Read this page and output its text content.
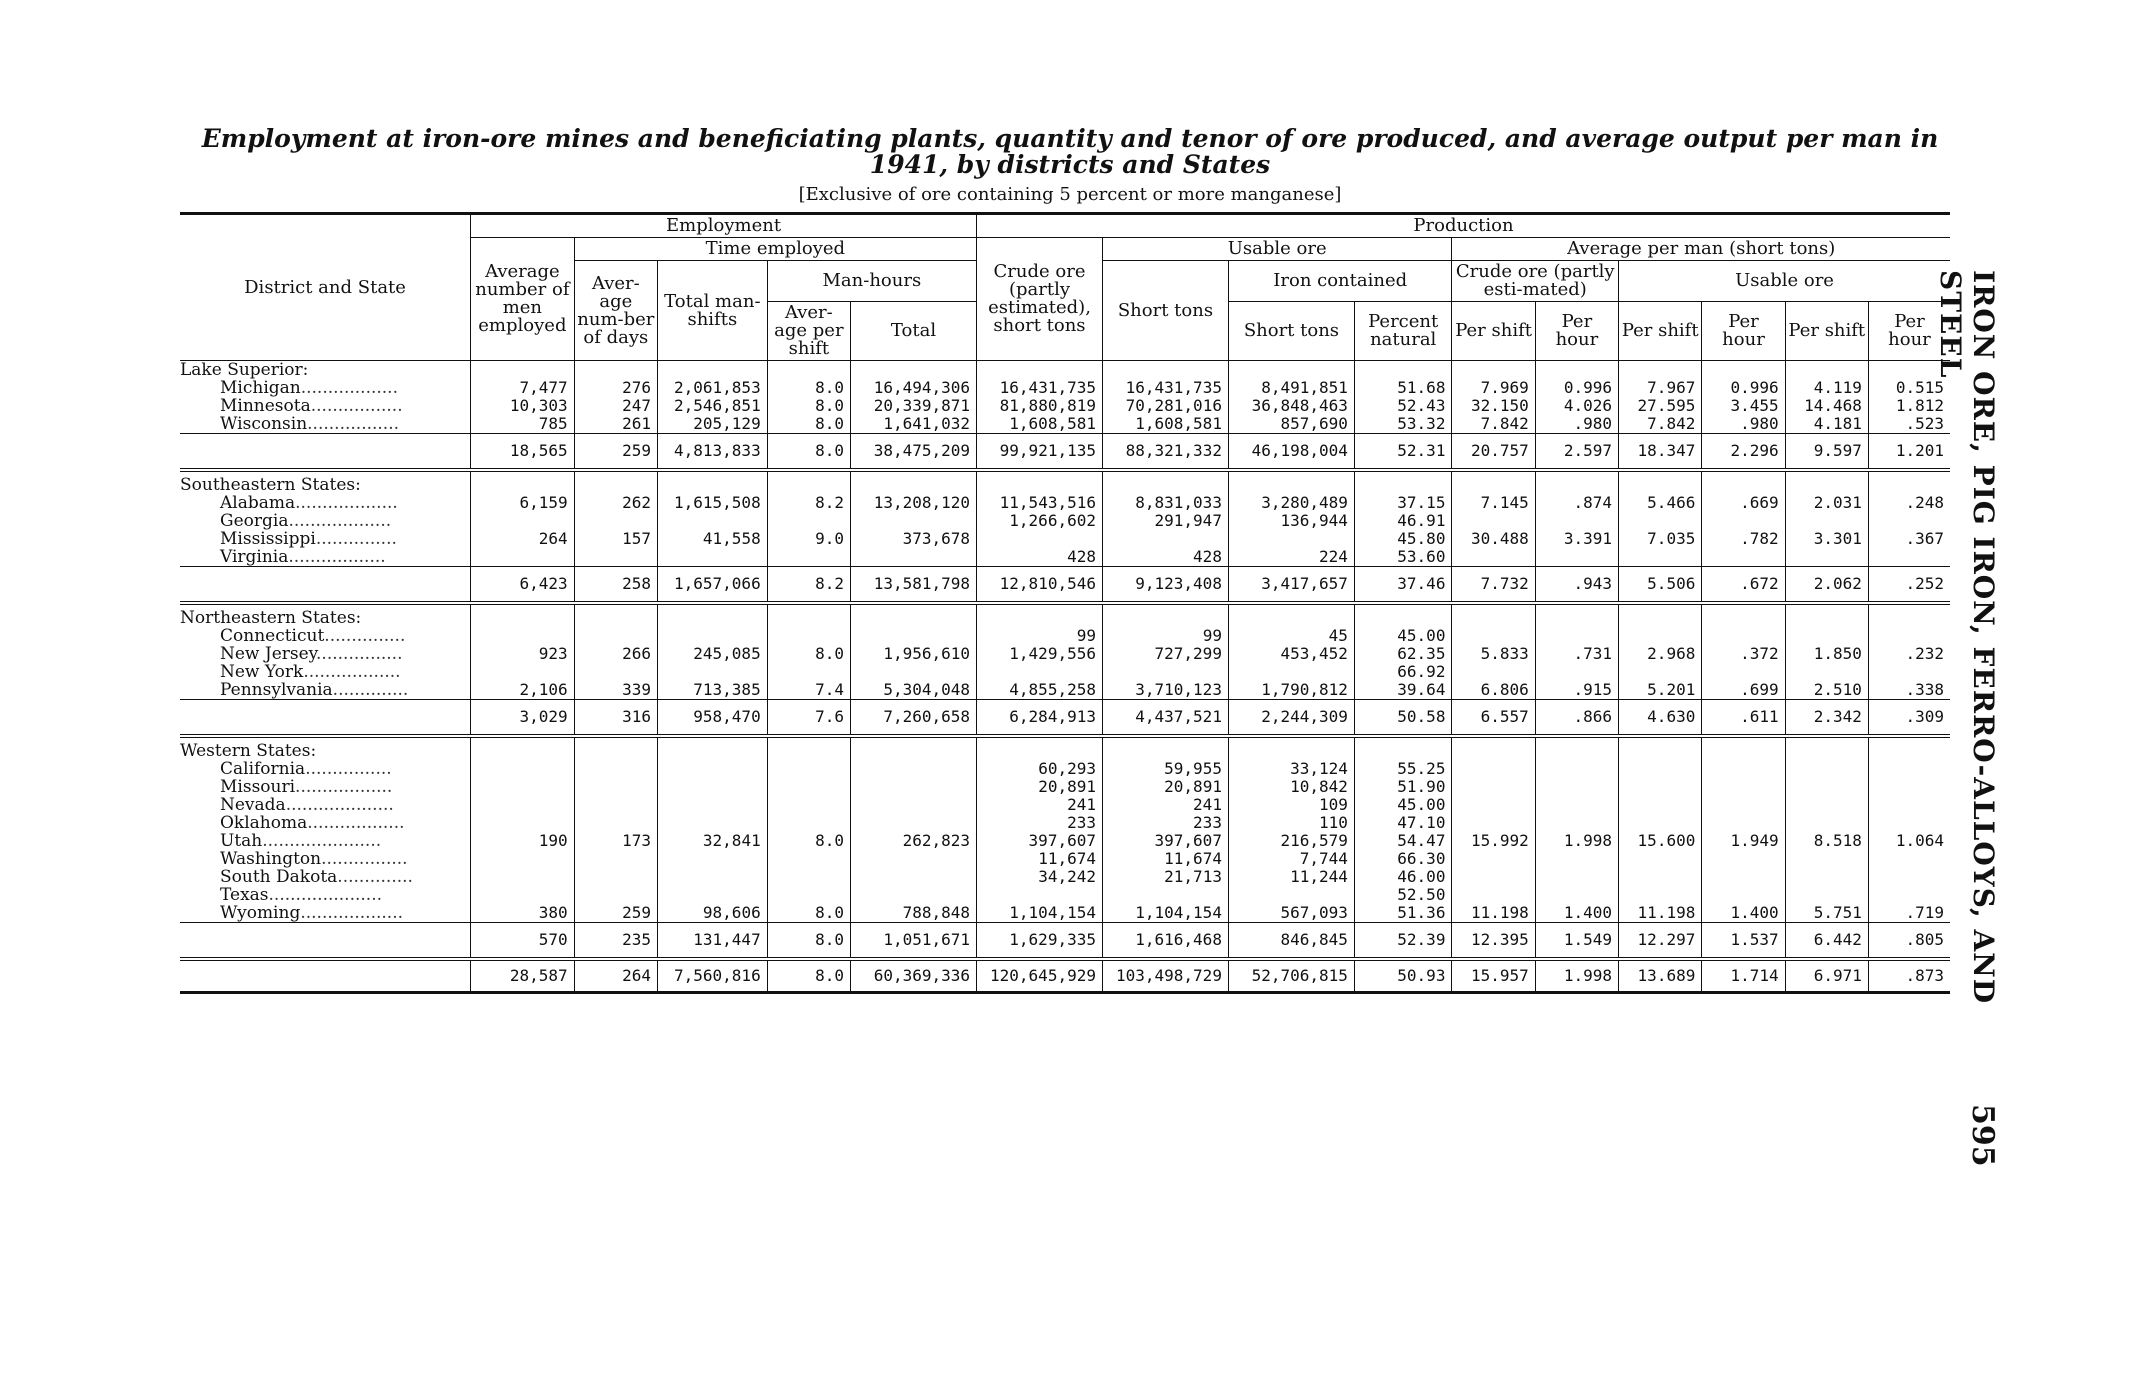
Employment at iron-ore mines and beneficiating plants, quantity and tenor of ore produced, and average output per man in 1941, by districts and States
[Exclusive of ore containing 5 percent or more manganese]
IRON ORE, PIG IRON, FERRO-ALLOYS, AND STEEL
595
District and State	Employment					Production									
	Average number of men employed	Time employed				Crude ore (partly estimated), short tons	Usable ore			Average per man (short tons)					
		Aver-age num-ber of days	Total man-shifts	Man-hours			Short tons	Iron contained		Crude ore (partly esti-mated)		Usable ore			
				Aver-age per shift	Total			Short tons	Percent natural	Per shift	Per hour	Per shift	Per hour	Per shift	Per hour
Lake Superior:															
Michigan..................	7,477	276	2,061,853	8.0	16,494,306	16,431,735	16,431,735	8,491,851	51.68	7.969	0.996	7.967	0.996	4.119	0.515
Minnesota.................	10,303	247	2,546,851	8.0	20,339,871	81,880,819	70,281,016	36,848,463	52.43	32.150	4.026	27.595	3.455	14.468	1.812
Wisconsin.................	785	261	205,129	8.0	1,641,032	1,608,581	1,608,581	857,690	53.32	7.842	.980	7.842	.980	4.181	.523
	18,565	259	4,813,833	8.0	38,475,209	99,921,135	88,321,332	46,198,004	52.31	20.757	2.597	18.347	2.296	9.597	1.201
Southeastern States:															
Alabama...................	6,159	262	1,615,508	8.2	13,208,120	11,543,516	8,831,033	3,280,489	37.15	7.145	.874	5.466	.669	2.031	.248
Georgia...................						1,266,602	291,947	136,944	46.91						
Mississippi...............	264	157	41,558	9.0	373,678				45.80	30.488	3.391	7.035	.782	3.301	.367
Virginia..................						428	428	224	53.60						
	6,423	258	1,657,066	8.2	13,581,798	12,810,546	9,123,408	3,417,657	37.46	7.732	.943	5.506	.672	2.062	.252
Northeastern States:															
Connecticut...............						99	99	45	45.00						
New Jersey................	923	266	245,085	8.0	1,956,610	1,429,556	727,299	453,452	62.35	5.833	.731	2.968	.372	1.850	.232
New York..................									66.92						
Pennsylvania..............	2,106	339	713,385	7.4	5,304,048	4,855,258	3,710,123	1,790,812	39.64	6.806	.915	5.201	.699	2.510	.338
	3,029	316	958,470	7.6	7,260,658	6,284,913	4,437,521	2,244,309	50.58	6.557	.866	4.630	.611	2.342	.309
Western States:															
California................						60,293	59,955	33,124	55.25						
Missouri..................						20,891	20,891	10,842	51.90						
Nevada....................						241	241	109	45.00						
Oklahoma..................						233	233	110	47.10						
Utah......................	190	173	32,841	8.0	262,823	397,607	397,607	216,579	54.47	15.992	1.998	15.600	1.949	8.518	1.064
Washington................						11,674	11,674	7,744	66.30						
South Dakota..............						34,242	21,713	11,244	46.00						
Texas.....................									52.50						
Wyoming...................	380	259	98,606	8.0	788,848	1,104,154	1,104,154	567,093	51.36	11.198	1.400	11.198	1.400	5.751	.719
	570	235	131,447	8.0	1,051,671	1,629,335	1,616,468	846,845	52.39	12.395	1.549	12.297	1.537	6.442	.805
	28,587	264	7,560,816	8.0	60,369,336	120,645,929	103,498,729	52,706,815	50.93	15.957	1.998	13.689	1.714	6.971	.873
